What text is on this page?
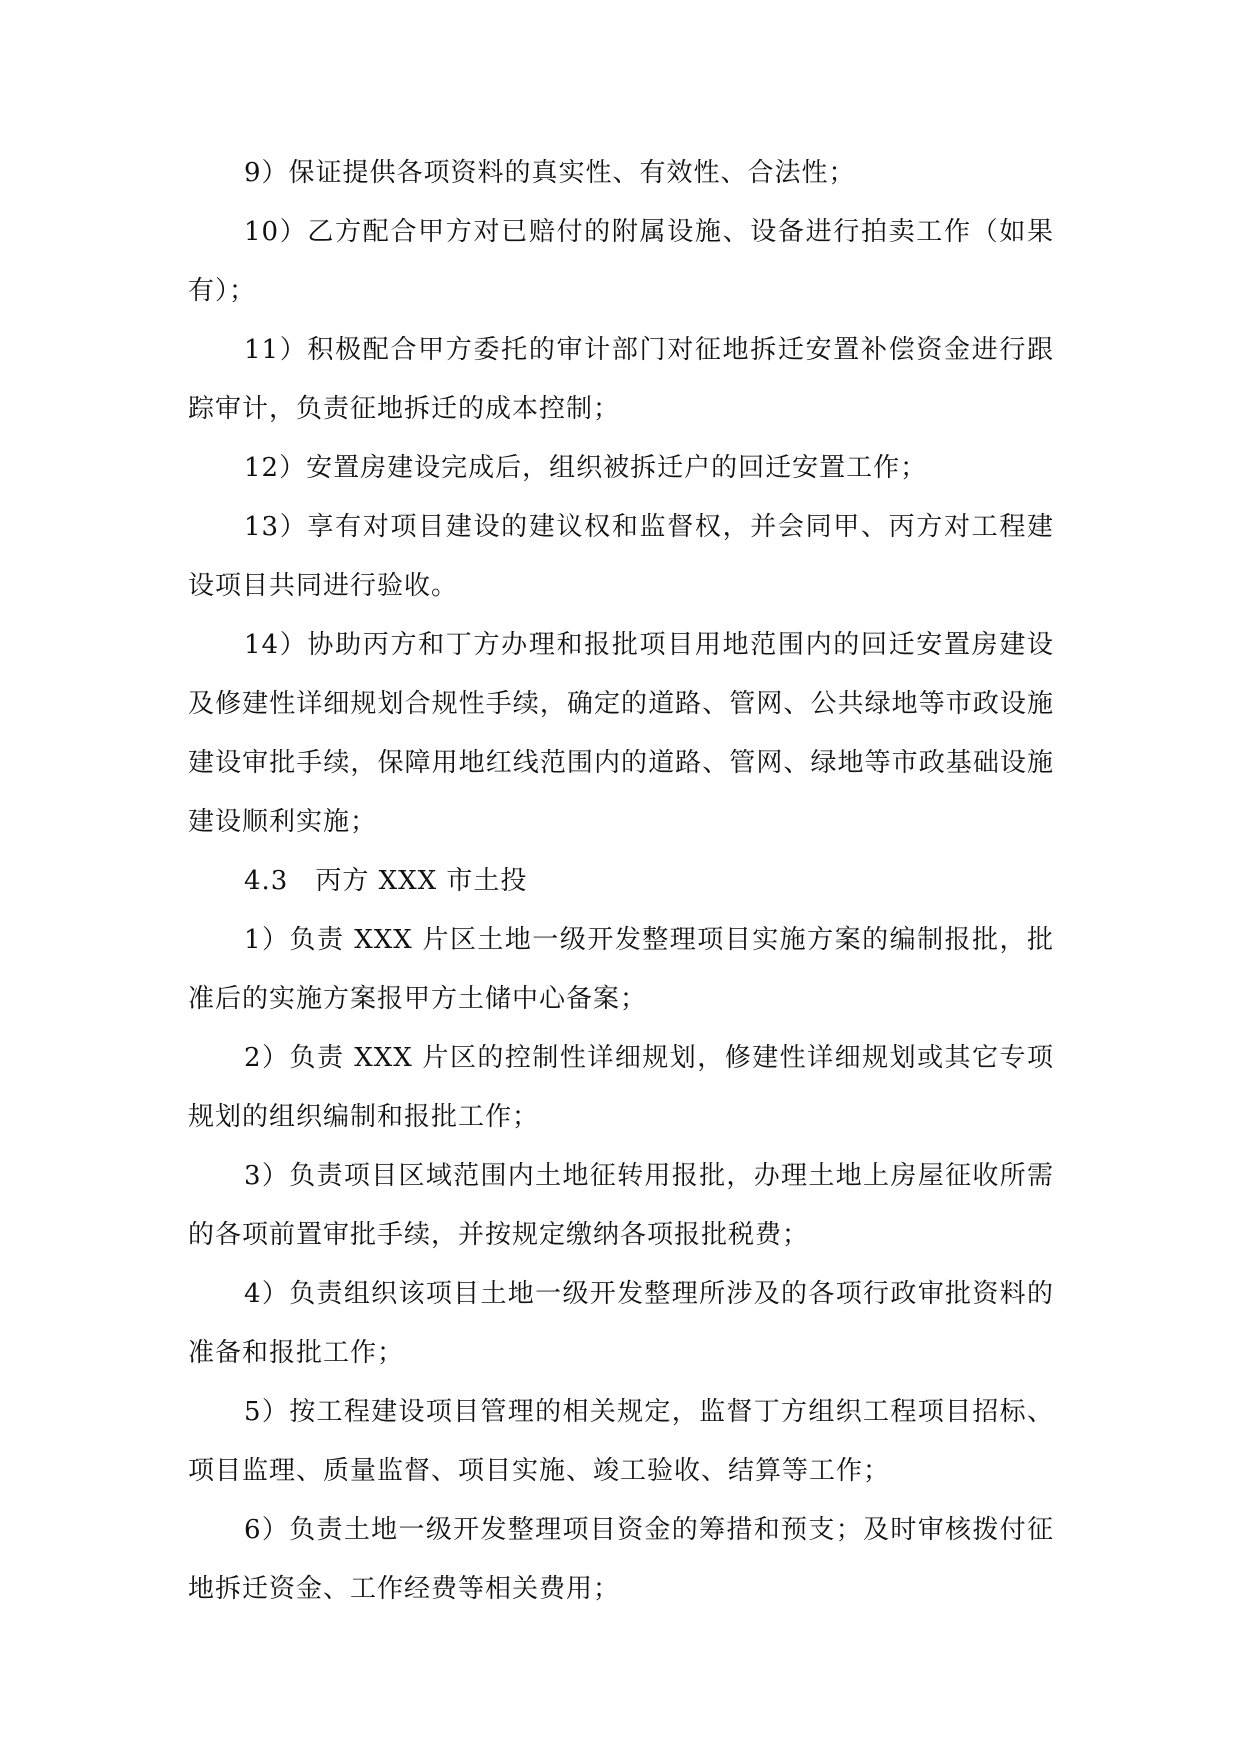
9）保证提供各项资料的真实性、有效性、合法性；

10）乙方配合甲方对已赔付的附属设施、设备进行拍卖工作（如果有）；

11）积极配合甲方委托的审计部门对征地拆迁安置补偿资金进行跟踪审计，负责征地拆迁的成本控制；

12）安置房建设完成后，组织被拆迁户的回迁安置工作；

13）享有对项目建设的建议权和监督权，并会同甲、丙方对工程建设项目共同进行验收。

14）协助丙方和丁方办理和报批项目用地范围内的回迁安置房建设及修建性详细规划合规性手续，确定的道路、管网、公共绿地等市政设施建设审批手续，保障用地红线范围内的道路、管网、绿地等市政基础设施建设顺利实施；

4.3　丙方 XXX 市土投

1）负责 XXX 片区土地一级开发整理项目实施方案的编制报批，批准后的实施方案报甲方土储中心备案；

2）负责 XXX 片区的控制性详细规划，修建性详细规划或其它专项规划的组织编制和报批工作；

3）负责项目区域范围内土地征转用报批，办理土地上房屋征收所需的各项前置审批手续，并按规定缴纳各项报批税费；

4）负责组织该项目土地一级开发整理所涉及的各项行政审批资料的准备和报批工作；

5）按工程建设项目管理的相关规定，监督丁方组织工程项目招标、项目监理、质量监督、项目实施、竣工验收、结算等工作；

6）负责土地一级开发整理项目资金的筹措和预支；及时审核拨付征地拆迁资金、工作经费等相关费用；
